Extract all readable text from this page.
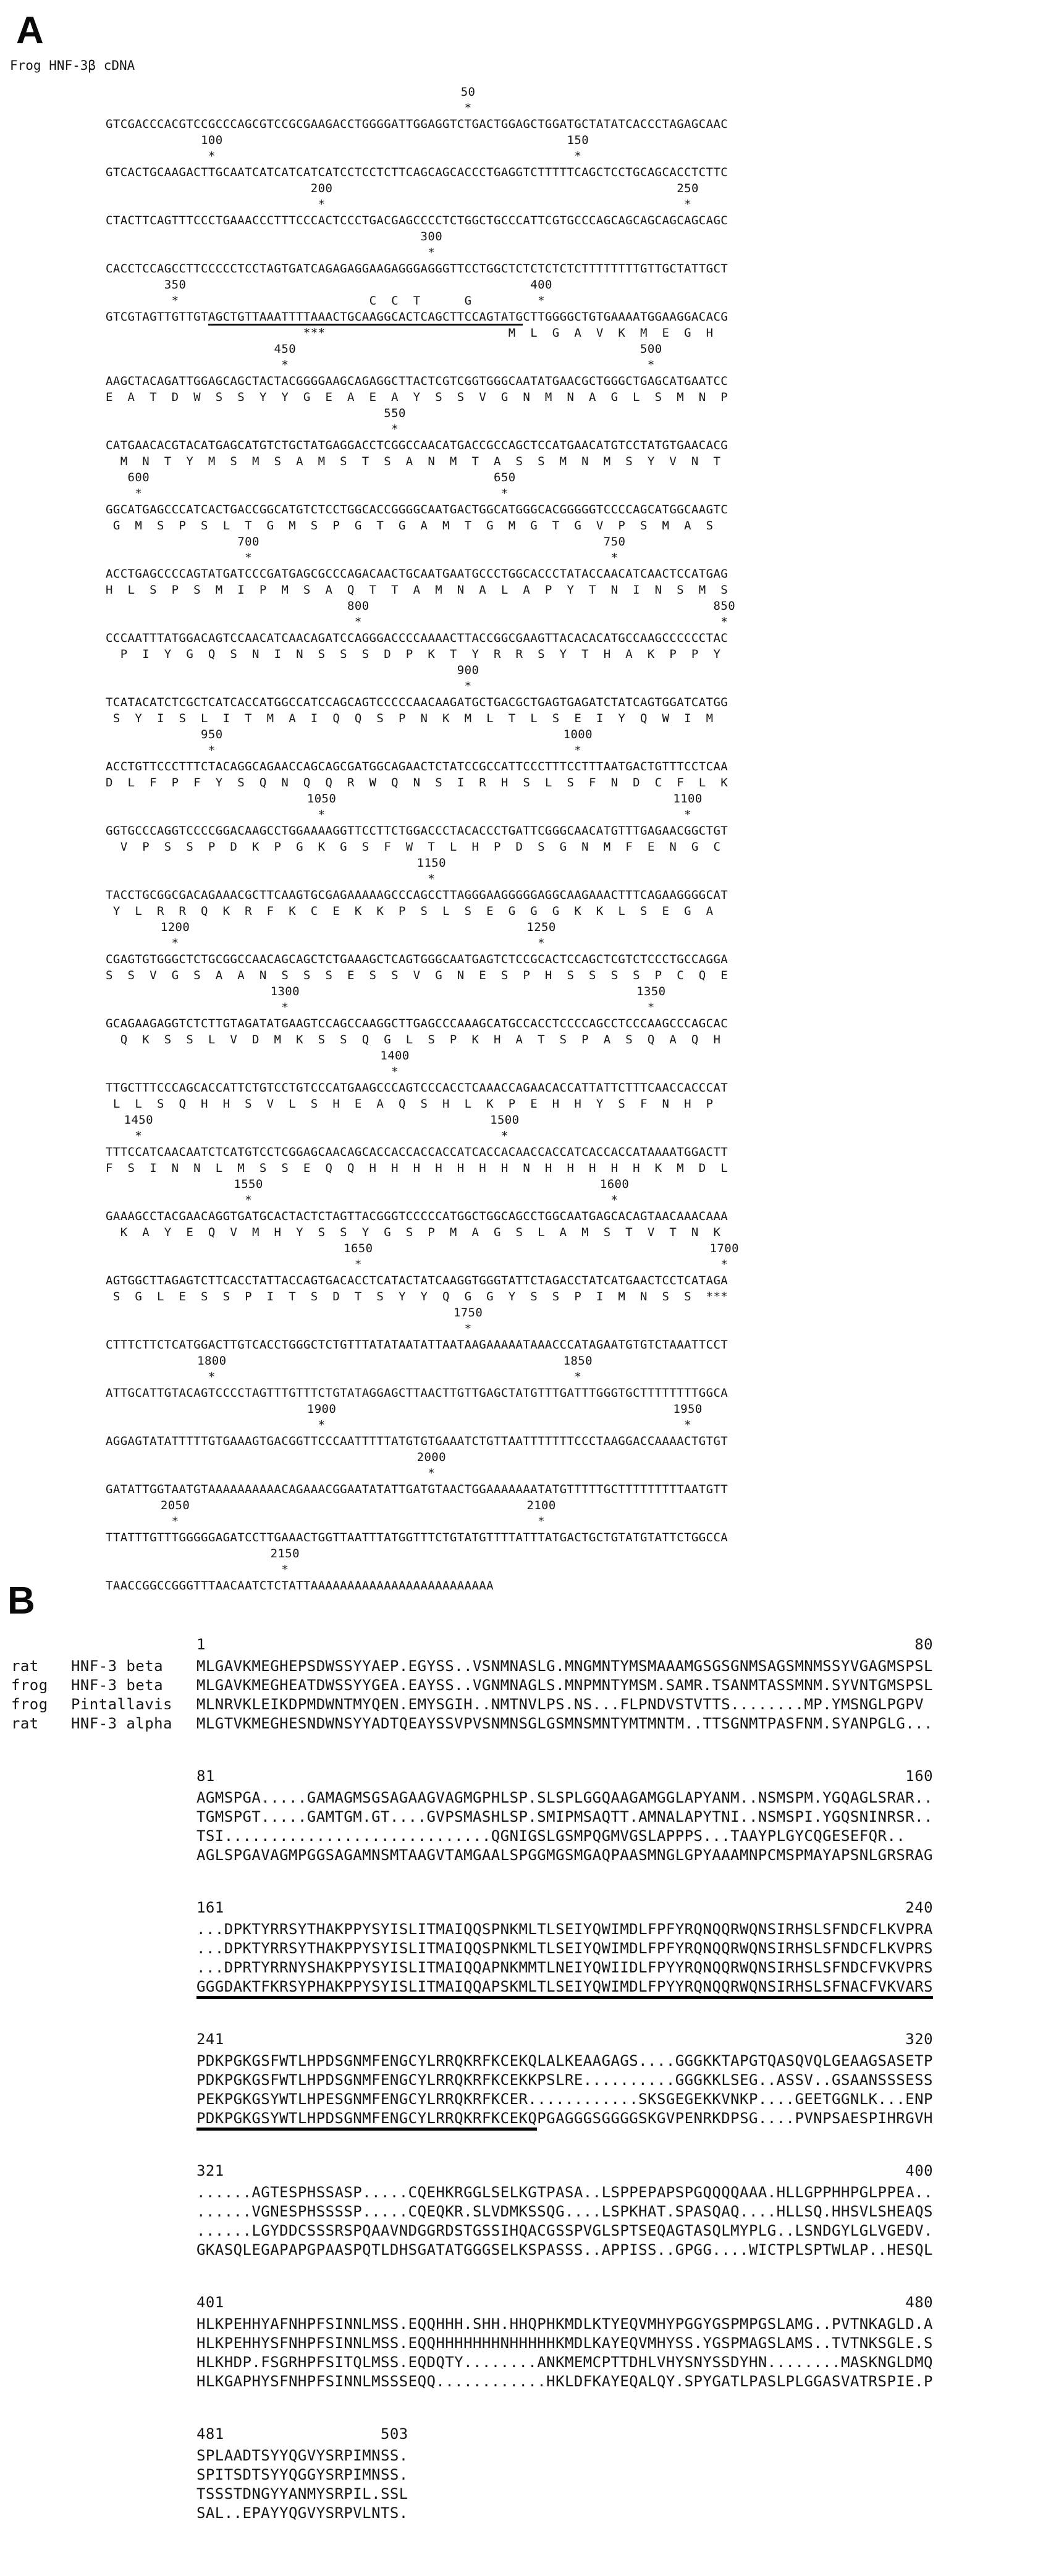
A
Frog HNF-3β cDNA
50
*
GTCGACCCACGTCCGCCCAGCGTCCGCGAAGACCTGGGGATTGGAGGTCTGACTGGAGCTGGATGCTATATCACCCTAGAGCAAC
100	150
*	*
GTCACTGCAAGACTTGCAATCATCATCATCATCCTCCTCTTCAGCAGCACCCTGAGGTCTTTTTCAGCTCCTGCAGCACCTCTTC
200	250
*	*
CTACTTCAGTTTCCCTGAAACCCTTTCCCACTCCCTGACGAGCCCCTCTGGCTGCCCATTCGTGCCCAGCAGCAGCAGCAGCAGC
300
*
CACCTCCAGCCTTCCCCCTCCTAGTGATCAGAGAGGAAGAGGGAGGGTTCCTGGCTCTCTCTCTCTTTTTTTTGTTGCTATTGCT
350	400
*	*
C C T	G
GTCGTAGTTGTTGTAGCTGTTAAATTTTAAACTGCAAGGCACTCAGCTTCCAGTATGCTTGGGGCTGTGAAAATGGAAGGACACG
***                         M  L  G  A  V  K  M  E  G  H
450	500
*	*
AAGCTACAGATTGGAGCAGCTACTACGGGGAAGCAGAGGCTTACTCGTCGGTGGGCAATATGAACGCTGGGCTGAGCATGAATCC
E  A  T  D  W  S  S  Y  Y  G  E  A  E  A  Y  S  S  V  G  N  M  N  A  G  L  S  M  N  P
550
*
CATGAACACGTACATGAGCATGTCTGCTATGAGGACCTCGGCCAACATGACCGCCAGCTCCATGAACATGTCCTATGTGAACACG
M  N  T  Y  M  S  M  S  A  M  S  T  S  A  N  M  T  A  S  S  M  N  M  S  Y  V  N  T
600	650
*	*
GGCATGAGCCCATCACTGACCGGCATGTCTCCTGGCACCGGGGCAATGACTGGCATGGGCACGGGGGTCCCCAGCATGGCAAGTC
G  M  S  P  S  L  T  G  M  S  P  G  T  G  A  M  T  G  M  G  T  G  V  P  S  M  A  S
700	750
*	*
ACCTGAGCCCCAGTATGATCCCGATGAGCGCCCAGACAACTGCAATGAATGCCCTGGCACCCTATACCAACATCAACTCCATGAG
H  L  S  P  S  M  I  P  M  S  A  Q  T  T  A  M  N  A  L  A  P  Y  T  N  I  N  S  M  S
800	850
*	*
CCCAATTTATGGACAGTCCAACATCAACAGATCCAGGGACCCCAAAACTTACCGGCGAAGTTACACACATGCCAAGCCCCCCTAC
P  I  Y  G  Q  S  N  I  N  S  S  S  D  P  K  T  Y  R  R  S  Y  T  H  A  K  P  P  Y
900
*
TCATACATCTCGCTCATCACCATGGCCATCCAGCAGTCCCCCAACAAGATGCTGACGCTGAGTGAGATCTATCAGTGGATCATGG
S  Y  I  S  L  I  T  M  A  I  Q  Q  S  P  N  K  M  L  T  L  S  E  I  Y  Q  W  I  M
950	1000
*	*
ACCTGTTCCCTTTCTACAGGCAGAACCAGCAGCGATGGCAGAACTCTATCCGCCATTCCCTTTCCTTTAATGACTGTTTCCTCAA
D  L  F  P  F  Y  S  Q  N  Q  Q  R  W  Q  N  S  I  R  H  S  L  S  F  N  D  C  F  L  K
1050	1100
*	*
GGTGCCCAGGTCCCCGGACAAGCCTGGAAAAGGTTCCTTCTGGACCCTACACCCTGATTCGGGCAACATGTTTGAGAACGGCTGT
V  P  S  S  P  D  K  P  G  K  G  S  F  W  T  L  H  P  D  S  G  N  M  F  E  N  G  C
1150
*
TACCTGCGGCGACAGAAACGCTTCAAGTGCGAGAAAAAGCCCAGCCTTAGGGAAGGGGGAGGCAAGAAACTTTCAGAAGGGGCAT
Y  L  R  R  Q  K  R  F  K  C  E  K  K  P  S  L  S  E  G  G  G  K  K  L  S  E  G  A
1200	1250
*	*
CGAGTGTGGGCTCTGCGGCCAACAGCAGCTCTGAAAGCTCAGTGGGCAATGAGTCTCCGCACTCCAGCTCGTCTCCCTGCCAGGA
S  S  V  G  S  A  A  N  S  S  S  E  S  S  V  G  N  E  S  P  H  S  S  S  S  P  C  Q  E
1300	1350
*	*
GCAGAAGAGGTCTCTTGTAGATATGAAGTCCAGCCAAGGCTTGAGCCCAAAGCATGCCACCTCCCCAGCCTCCCAAGCCCAGCAC
Q  K  S  S  L  V  D  M  K  S  S  Q  G  L  S  P  K  H  A  T  S  P  A  S  Q  A  Q  H
1400
*
TTGCTTTCCCAGCACCATTCTGTCCTGTCCCATGAAGCCCAGTCCCACCTCAAACCAGAACACCATTATTCTTTCAACCACCCAT
L  L  S  Q  H  H  S  V  L  S  H  E  A  Q  S  H  L  K  P  E  H  H  Y  S  F  N  H  P
1450	1500
*	*
TTTCCATCAACAATCTCATGTCCTCGGAGCAACAGCACCACCACCACCATCACCACAACCACCATCACCACCATAAAATGGACTT
F  S  I  N  N  L  M  S  S  E  Q  Q  H  H  H  H  H  H  H  N  H  H  H  H  H  K  M  D  L
1550	1600
*	*
GAAAGCCTACGAACAGGTGATGCACTACTCTAGTTACGGGTCCCCCATGGCTGGCAGCCTGGCAATGAGCACAGTAACAAACAAA
K  A  Y  E  Q  V  M  H  Y  S  S  Y  G  S  P  M  A  G  S  L  A  M  S  T  V  T  N  K
1650	1700
*	*
AGTGGCTTAGAGTCTTCACCTATTACCAGTGACACCTCATACTATCAAGGTGGGTATTCTAGACCTATCATGAACTCCTCATAGA
S  G  L  E  S  S  P  I  T  S  D  T  S  Y  Y  Q  G  G  Y  S  S  P  I  M  N  S  S  ***
1750
*
CTTTCTTCTCATGGACTTGTCACCTGGGCTCTGTTTATATAATATTAATAAGAAAAATAAACCCATAGAATGTGTCTAAATTCCT
1800	1850
*	*
ATTGCATTGTACAGTCCCCTAGTTTGTTTCTGTATAGGAGCTTAACTTGTTGAGCTATGTTTGATTTGGGTGCTTTTTTTTGGCA
1900	1950
*	*
AGGAGTATATTTTTGTGAAAGTGACGGTTCCCAATTTTTATGTGTGAAATCTGTTAATTTTTTTCCCTAAGGACCAAAACTGTGT
2000
*
GATATTGGTAATGTAAAAAAAAAACAGAAACGGAATATATTGATGTAACTGGAAAAAAATATGTTTTTGCTTTTTTTTTAATGTT
2050	2100
*	*
TTATTTGTTTGGGGGAGATCCTTGAAACTGGTTAATTTATGGTTTCTGTATGTTTTATTTATGACTGCTGTATGTATTCTGGCCA
2150
*
TAACCGGCCGGGTTTAACAATCTCTATTAAAAAAAAAAAAAAAAAAAAAAAAA
B
1	80
rat HNF-3 beta MLGAVKMEGHEPSDWSSYYAEP.EGYSS..VSNMNASLG.MNGMNTYMSMAAAMGSGSGNMSAGSMNMSSYVGAGMSPSL
frog HNF-3 beta MLGAVKMEGHEATDWSSYYGEA.EAYSS..VGNMNAGLS.MNPMNTYMSM.SAMR.TSANMTASSMNM.SYVNTGMSPSL
frog Pintallavis MLNRVKLEIKDPMDWNTMYQEN.EMYSGIH..NMTNVLPS.NS...FLPNDVSTVTTS........MP.YMSNGLPGPV
rat HNF-3 alpha MLGTVKMEGHESNDWNSYYADTQEAYSSVPVSNMNSGLGSMNSMNTYMTMNTM..TTSGNMTPASFNM.SYANPGLG...
81	160
AGMSPGA.....GAMAGMSGSAGAAGVAGMGPHLSP.SLSPLGGQAAGAMGGLAPYANM..NSMSPM.YGQAGLSRAR..
TGMSPGT.....GAMTGM.GT....GVPSMASHLSP.SMIPMSAQTT.AMNALAPYTNI..NSMSPI.YGQSNINRSR..
TSI.............................QGNIGSLGSMPQGMVGSLAPPPS...TAAYPLGYCQGESEFQR..
AGLSPGAVAGMPGGSAGAMNSMTAAGVTAMGAALSPGGMGSMGAQPAASMNGLGPYAAAMNPCMSPMAYAPSNLGRSRAG
161	240
...DPKTYRRSYTHAKPPYSYISLITMAIQQSPNKMLTLSEIYQWIMDLFPFYRQNQQRWQNSIRHSLSFNDCFLKVPRA
...DPKTYRRSYTHAKPPYSYISLITMAIQQSPNKMLTLSEIYQWIMDLFPFYRQNQQRWQNSIRHSLSFNDCFLKVPRS
...DPRTYRRNYSHAKPPYSYISLITMAIQQAPNKMMTLNEIYQWIIDLFPYYRQNQQRWQNSIRHSLSFNDCFVKVPRS
GGGDAKTFKRSYPHAKPPYSYISLITMAIQQAPSKMLTLSEIYQWIMDLFPYYRQNQQRWQNSIRHSLSFNACFVKVARS
241	320
PDKPGKGSFWTLHPDSGNMFENGCYLRRQKRFKCEKQLALKEAAGAGS....GGGKKTAPGTQASQVQLGEAAGSASETP
PDKPGKGSFWTLHPDSGNMFENGCYLRRQKRFKCEKKPSLRE..........GGGKKLSEG..ASSV..GSAANSSSESS
PEKPGKGSYWTLHPESGNMFENGCYLRRQKRFKCER............SKSGEGEKKVNKP....GEETGGNLK...ENP
PDKPGKGSYWTLHPDSGNMFENGCYLRRQKRFKCEKQPGAGGGSGGGGSKGVPENRKDPSG....PVNPSAESPIHRGVH
321	400
......AGTESPHSSASP.....CQEHKRGGLSELKGTPASA..LSPPEPAPSPGQQQQAAA.HLLGPPHHPGLPPEA..
......VGNESPHSSSSP.....CQEQKR.SLVDMKSSQG....LSPKHAT.SPASQAQ....HLLSQ.HHSVLSHEAQS
......LGYDDCSSSRSPQAAVNDGGRDSTGSSIHQACGSSPVGLSPTSEQAGTASQLMYPLG..LSNDGYLGLVGEDV.
GKASQLEGAPAPGPAASPQTLDHSGATATGGGSELKSPASSS..APPISS..GPGG....WICTPLSPTWLAP..HESQL
401	480
HLKPEHHYAFNHPFSINNLMSS.EQQHHH.SHH.HHQPHKMDLKTYEQVMHYPGGYGSPMPGSLAMG..PVTNKAGLD.A
HLKPEHHYSFNHPFSINNLMSS.EQQHHHHHHHNHHHHHKMDLKAYEQVMHYSS.YGSPMAGSLAMS..TVTNKSGLE.S
HLKHDP.FSGRHPFSITQLMSS.EQDQTY........ANKMEMCPTTDHLVHYSNYSSDYHN........MASKNGLDMQ
HLKGAPHYSFNHPFSINNLMSSSEQQ............HKLDFKAYEQALQY.SPYGATLPASLPLGGASVATRSPIE.P
481	503
SPLAADTSYYQGVYSRPIMNSS.
SPITSDTSYYQGGYSRPIMNSS.
TSSSTDNGYYANMYSRPIL.SSL
SAL..EPAYYQGVYSRPVLNTS.
